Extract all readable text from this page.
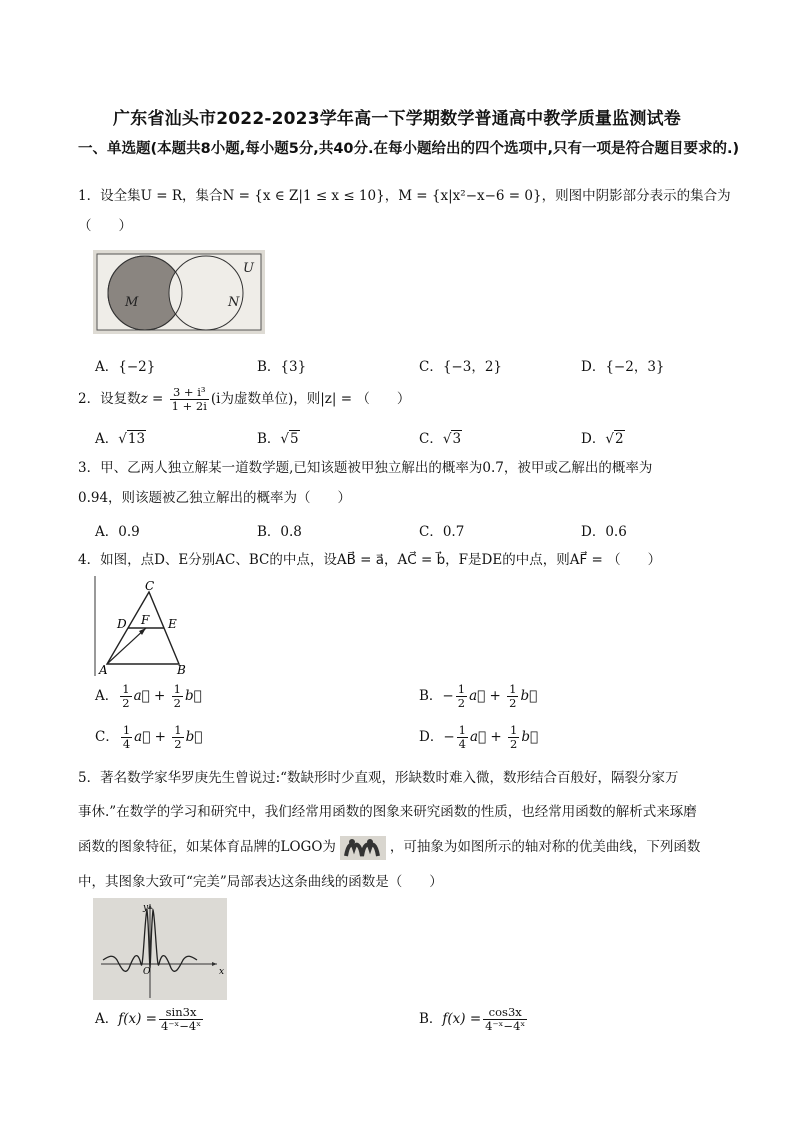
广东省汕头市2022-2023学年高一下学期数学普通高中教学质量监测试卷
一、单选题(本题共8小题,每小题5分,共40分.在每小题给出的四个选项中,只有一项是符合题目要求的.)
1．设全集U = R，集合N = {x ∈ Z|1 ≤ x ≤ 10}，M = {x|x²−x−6 = 0}，则图中阴影部分表示的集合为
（　　）
U
M	N
A．{−2}	B．{3}	C．{−3，2}	D．{−2，3}
2．设复数$z = \frac{\text{3 + i³}}{1 + 2i} (i$为虚数单位)，则|z| = （　　）
A．√13	B．√5	C．√3	D．√2
3．甲、乙两人独立解某一道数学题,已知该题被甲独立解出的概率为0.7，被甲或乙解出的概率为
0.94，则该题被乙独立解出的概率为（　　）
A．0.9	B．0.8	C．0.7	D．0.6
4．如图，点D、E分别AC、BC的中点，设AB⃗ = a⃗，AC⃗ = b⃗，F是DE的中点，则AF⃗ = （　　）
C
D F E
A	B
A． $\frac{1}{2}$ a⃗ + $\frac{1}{2}$ b⃗	B．− $\frac{1}{2}$ a⃗ + $\frac{1}{2}$ b⃗
C． $\frac{1}{4}$ a⃗ + $\frac{1}{2}$ b⃗	D．− $\frac{1}{4}$ a⃗ + $\frac{1}{2}$ b⃗
5．著名数学家华罗庚先生曾说过:“数缺形时少直观，形缺数时难入微，数形结合百般好，隔裂分家万
事休.”在数学的学习和研究中，我们经常用函数的图象来研究函数的性质，也经常用函数的解析式来琢磨
函数的图象特征，如某体育品牌的LOGO为	，可抽象为如图所示的轴对称的优美曲线，下列函数
中，其图象大致可“完美”局部表达这条曲线的函数是（　　）
x
y
O
A．$f(x) = \frac{\sin 3x}{\text{4⁻ˣ−4ˣ}}$	B．$f(x) = \frac{\cos 3x}{\text{4⁻ˣ−4ˣ}}$
